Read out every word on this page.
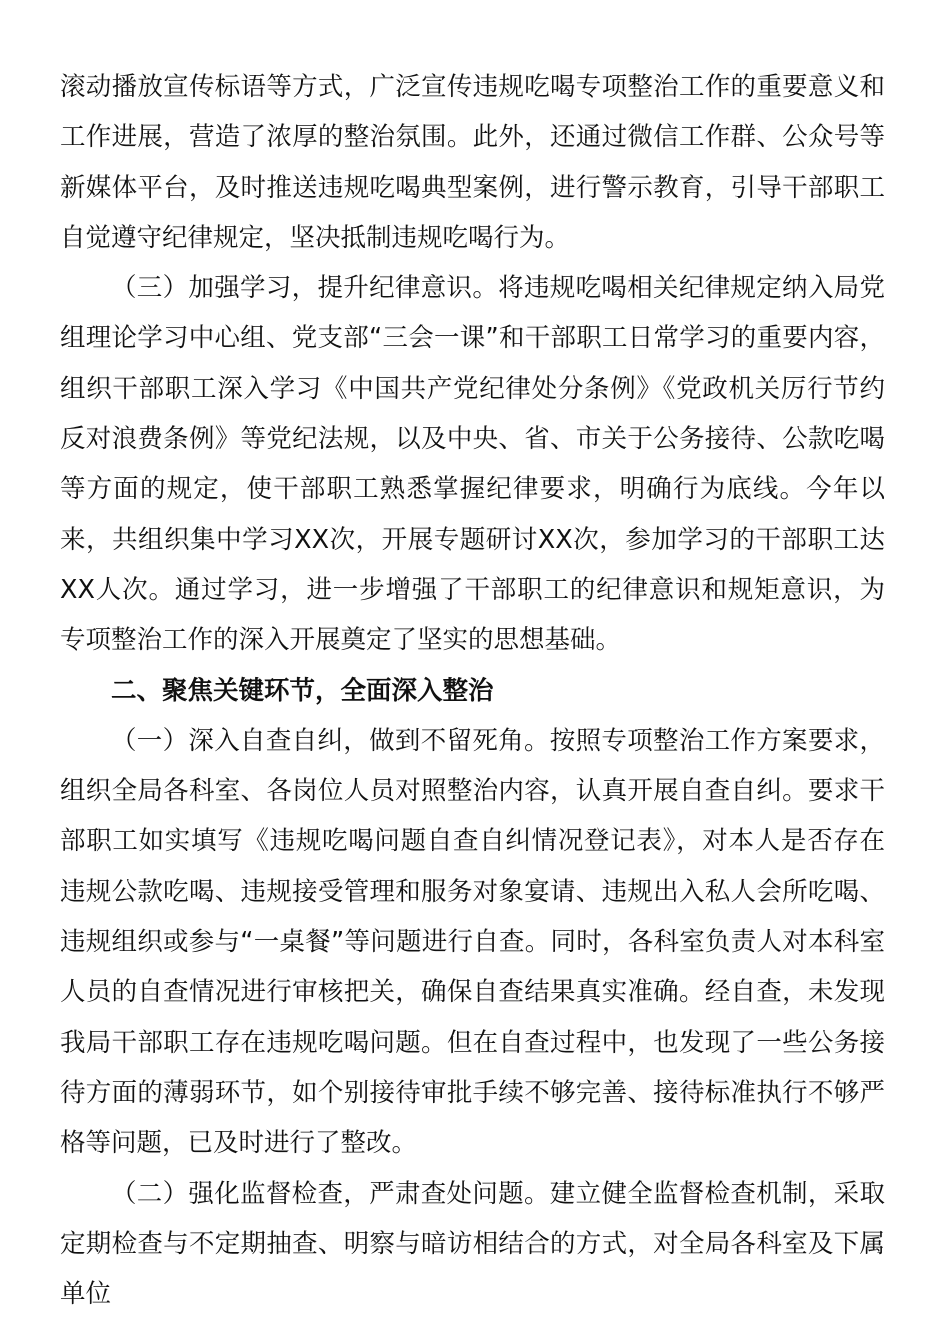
滚动播放宣传标语等方式，广泛宣传违规吃喝专项整治工作的重要意义和工作进展，营造了浓厚的整治氛围。此外，还通过微信工作群、公众号等新媒体平台，及时推送违规吃喝典型案例，进行警示教育，引导干部职工自觉遵守纪律规定，坚决抵制违规吃喝行为。

（三）加强学习，提升纪律意识。将违规吃喝相关纪律规定纳入局党组理论学习中心组、党支部“三会一课”和干部职工日常学习的重要内容，组织干部职工深入学习《中国共产党纪律处分条例》《党政机关厉行节约反对浪费条例》等党纪法规，以及中央、省、市关于公务接待、公款吃喝等方面的规定，使干部职工熟悉掌握纪律要求，明确行为底线。今年以来，共组织集中学习XX次，开展专题研讨XX次，参加学习的干部职工达XX人次。通过学习，进一步增强了干部职工的纪律意识和规矩意识，为专项整治工作的深入开展奠定了坚实的思想基础。

二、聚焦关键环节，全面深入整治

（一）深入自查自纠，做到不留死角。按照专项整治工作方案要求，组织全局各科室、各岗位人员对照整治内容，认真开展自查自纠。要求干部职工如实填写《违规吃喝问题自查自纠情况登记表》，对本人是否存在违规公款吃喝、违规接受管理和服务对象宴请、违规出入私人会所吃喝、违规组织或参与“一桌餐”等问题进行自查。同时，各科室负责人对本科室人员的自查情况进行审核把关，确保自查结果真实准确。经自查，未发现我局干部职工存在违规吃喝问题。但在自查过程中，也发现了一些公务接待方面的薄弱环节，如个别接待审批手续不够完善、接待标准执行不够严格等问题，已及时进行了整改。

（二）强化监督检查，严肃查处问题。建立健全监督检查机制，采取定期检查与不定期抽查、明察与暗访相结合的方式，对全局各科室及下属单位
